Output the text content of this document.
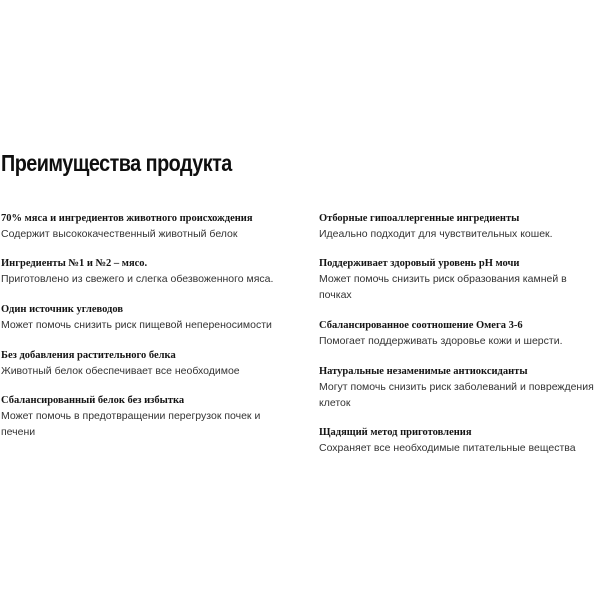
Преимущества продукта
70% мяса и ингредиентов животного происхождения
Содержит высококачественный животный белок
Ингредиенты №1 и №2 – мясо.
Приготовлено из свежего и слегка обезвоженного мяса.
Один источник углеводов
Может помочь снизить риск пищевой непереносимости
Без добавления растительного белка
Животный белок обеспечивает все необходимое
Сбалансированный белок без избытка
Может помочь в предотвращении перегрузок почек и печени
Отборные гипоаллергенные ингредиенты
Идеально подходит для чувствительных кошек.
Поддерживает здоровый уровень pH мочи
Может помочь снизить риск образования камней в почках
Сбалансированное соотношение Омега 3-6
Помогает поддерживать здоровье кожи и шерсти.
Натуральные незаменимые антиоксиданты
Могут помочь снизить риск заболеваний и повреждения клеток
Щадящий метод приготовления
Сохраняет все необходимые питательные вещества
